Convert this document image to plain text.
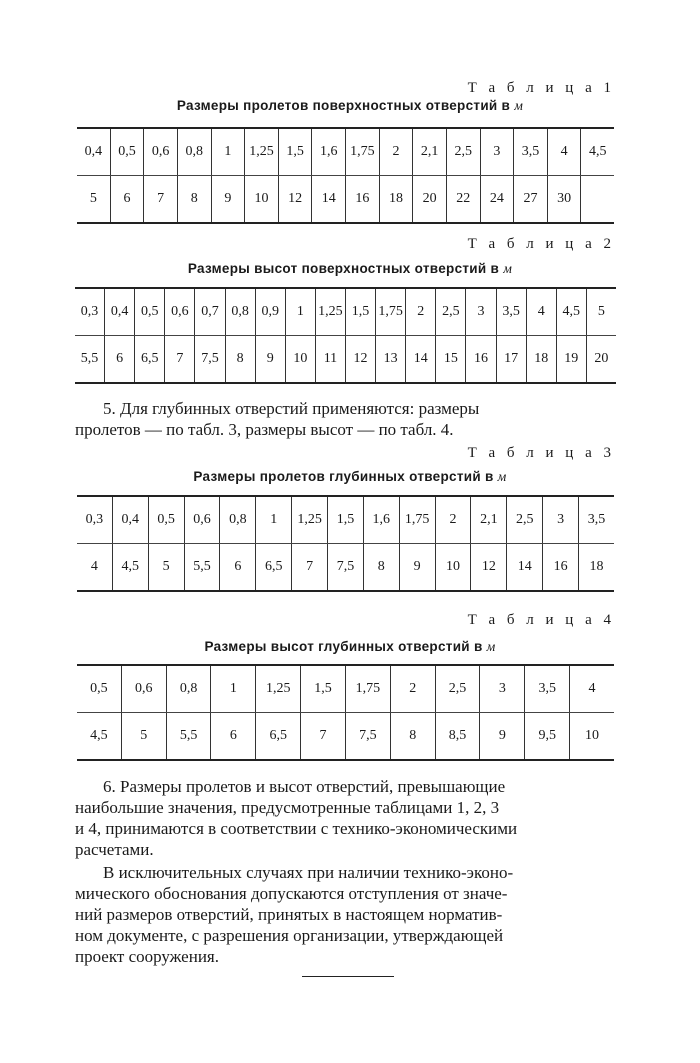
Т а б л и ц а 1
Размеры пролетов поверхностных отверстий в м
0,4	0,5	0,6	0,8	1	1,25 1,5	1,6 1,75	2	2,1	2,5	3	3,5	4	4,5
5	6	7	8	9	10	12	14	16	18	20	22	24	27	30
Т а б л и ц а 2
Размеры высот поверхностных отверстий в м
0,3 0,4 0,5 0,6 0,7 0,8 0,9	1	1,25 1,5 1,75	2	2,5	3	3,5	4	4,5	5
5,5	6	6,5	7	7,5	8	9	10	11	12	13	14	15	16	17	18	19	20
5. Для глубинных отверстий применяются: размеры
пролетов — по табл. 3, размеры высот — по табл. 4.
Т а б л и ц а 3
Размеры пролетов глубинных отверстий в м
0,3	0,4	0,5	0,6	0,8	1	1,25	1,5	1,6	1,75	2	2,1	2,5	3	3,5
4	4,5	5	5,5	6	6,5	7	7,5	8	9	10	12	14	16	18
Т а б л и ц а 4
Размеры высот глубинных отверстий в м
0,5	0,6	0,8	1	1,25	1,5	1,75	2	2,5	3	3,5	4
4,5	5	5,5	6	6,5	7	7,5	8	8,5	9	9,5	10
6. Размеры пролетов и высот отверстий, превышающие
наибольшие значения, предусмотренные таблицами 1, 2, 3
и 4, принимаются в соответствии с технико-экономическими
расчетами.
В исключительных случаях при наличии технико-эконо-
мического обоснования допускаются отступления от значе-
ний размеров отверстий, принятых в настоящем норматив-
ном документе, с разрешения организации, утверждающей
проект сооружения.
